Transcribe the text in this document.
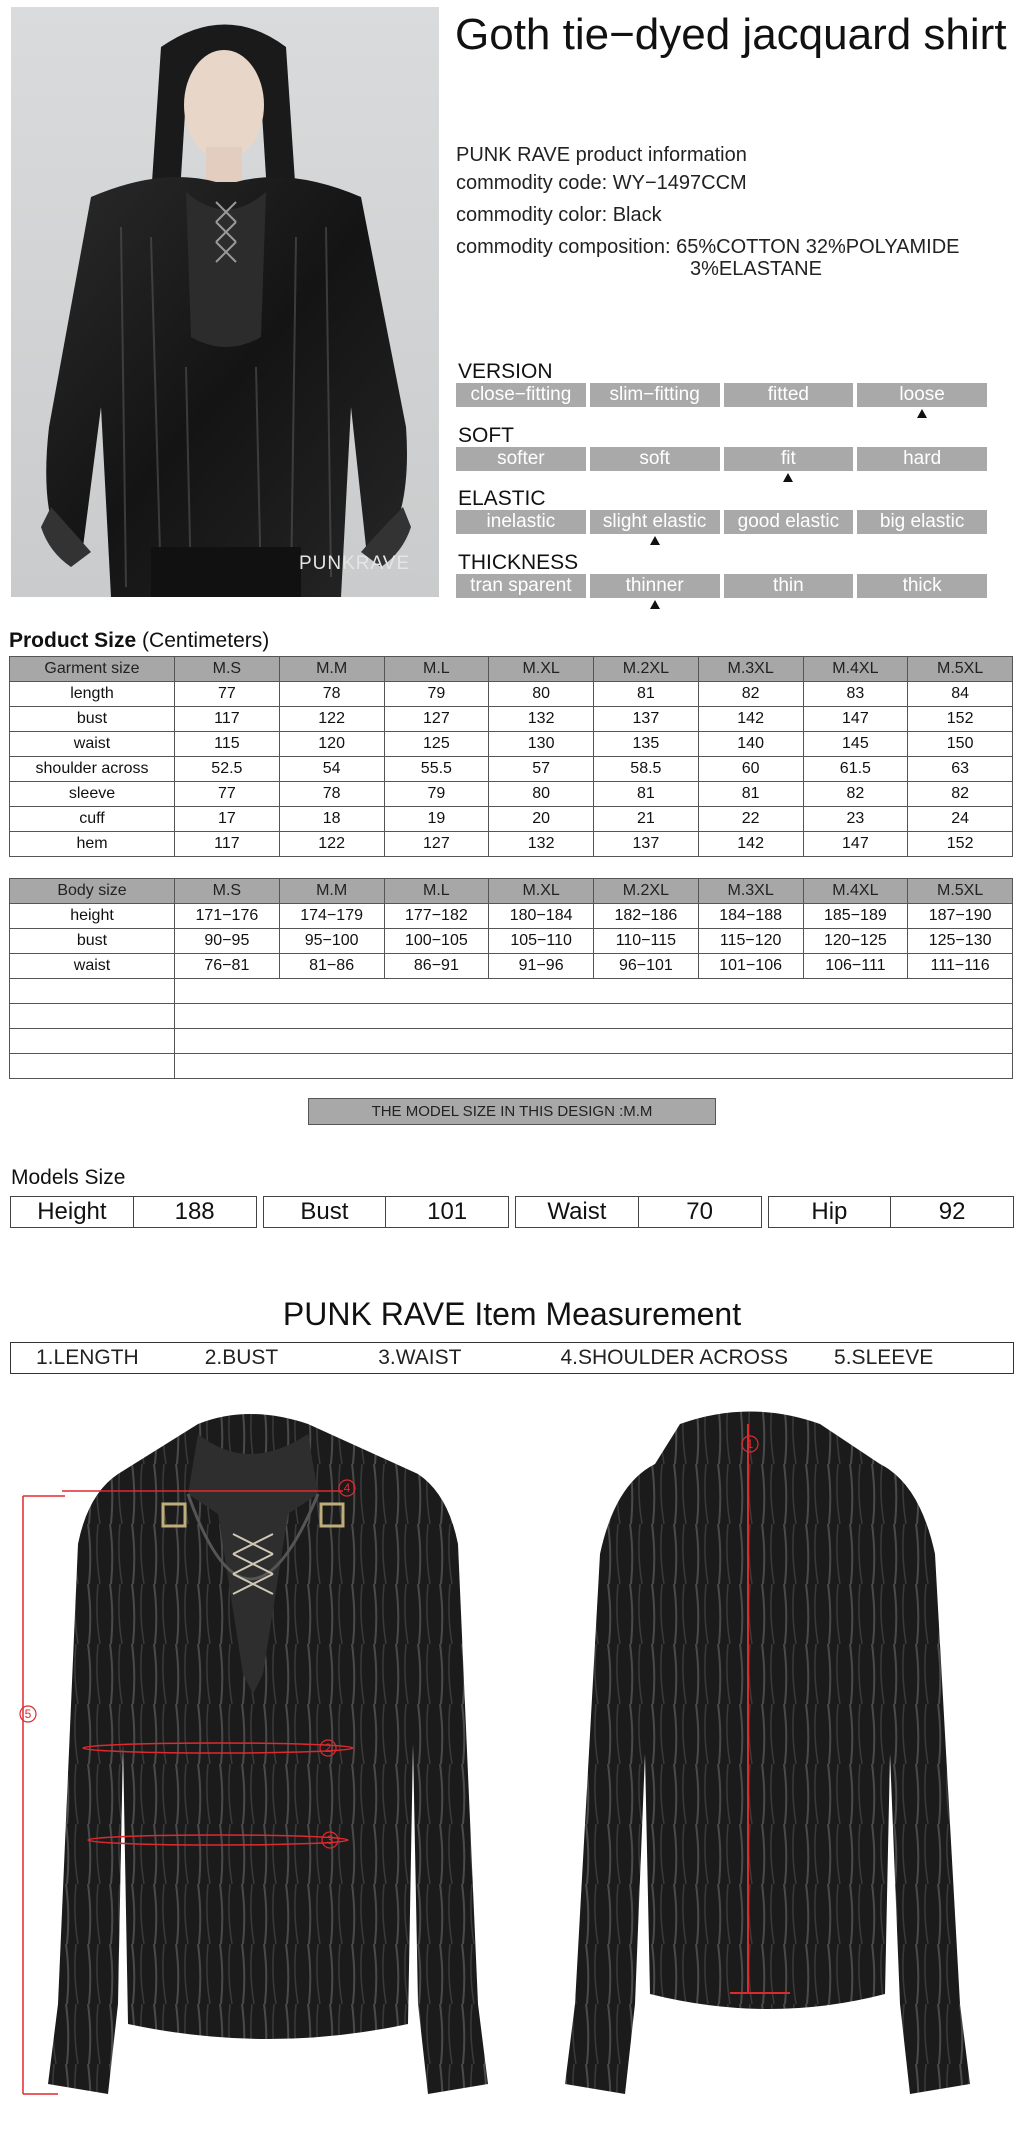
PUNKRAVE
Goth tie−dyed jacquard shirt
PUNK RAVE product information
commodity code: WY−1497CCM
commodity color: Black
commodity composition: 65%COTTON 32%POLYAMIDE
3%ELASTANE
VERSION
close−fitting	slim−fitting	fitted	loose
SOFT
softer	soft	fit	hard
ELASTIC
inelastic	slight elastic	good elastic	big elastic
THICKNESS
tran sparent	thinner	thin	thick
Product Size (Centimeters)
Garment size	M.S	M.M	M.L	M.XL	M.2XL	M.3XL	M.4XL	M.5XL
length	77	78	79	80	81	82	83	84
bust	117	122	127	132	137	142	147	152
waist	115	120	125	130	135	140	145	150
shoulder across	52.5	54	55.5	57	58.5	60	61.5	63
sleeve	77	78	79	80	81	81	82	82
cuff	17	18	19	20	21	22	23	24
hem	117	122	127	132	137	142	147	152
Body size	M.S	M.M	M.L	M.XL	M.2XL	M.3XL	M.4XL	M.5XL
height	171−176	174−179	177−182	180−184	182−186	184−188	185−189	187−190
bust	90−95	95−100	100−105	105−110	110−115	115−120	120−125	125−130
waist	76−81	81−86	86−91	91−96	96−101	101−106	106−111	111−116

THE MODEL SIZE IN THIS DESIGN :M.M
Models Size
Height	188	Bust	101	Waist	70	Hip	92
PUNK RAVE Item Measurement
1.LENGTH	2.BUST	3.WAIST	4.SHOULDER ACROSS 5.SLEEVE
4
5
2
3
1
